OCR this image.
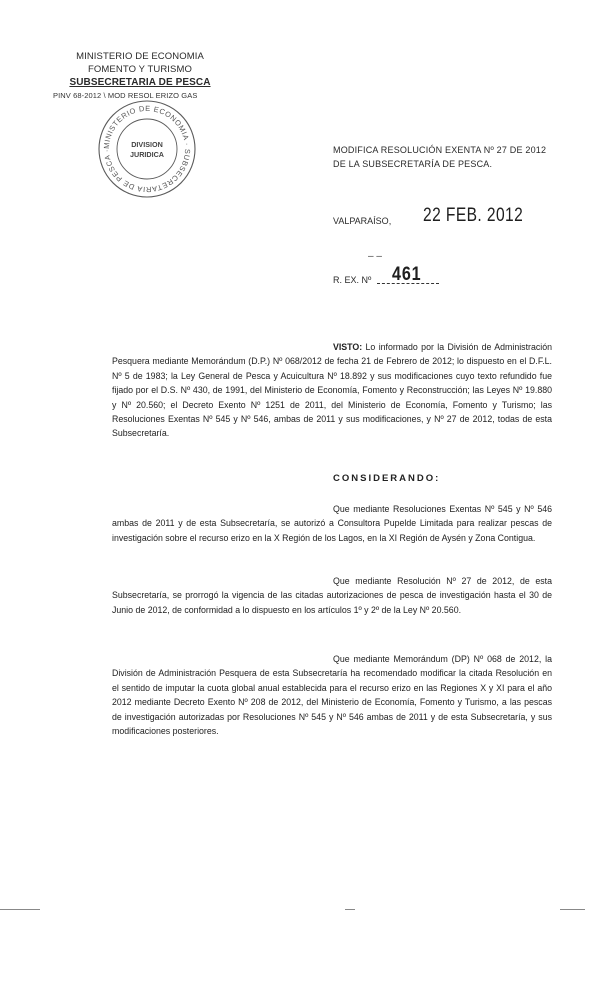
MINISTERIO DE ECONOMIA
FOMENTO Y TURISMO
SUBSECRETARIA DE PESCA
PINV 68-2012 \ MOD RESOL ERIZO GAS
MINISTERIO DE ECONOMIA · SUBSECRETARIA DE PESCA ·
DIVISION
JURIDICA	MODIFICA RESOLUCIÓN EXENTA Nº 27 DE 2012
DE LA SUBSECRETARÍA DE PESCA.
VALPARAÍSO, 22 FEB. 2012
– –
R. EX. Nº 461
VISTO: Lo informado por la División de Administración Pesquera mediante Memorándum (D.P.) Nº 068/2012 de fecha 21 de Febrero de 2012; lo dispuesto en el D.F.L. Nº 5 de 1983; la Ley General de Pesca y Acuicultura Nº 18.892 y sus modificaciones cuyo texto refundido fue fijado por el D.S. Nº 430, de 1991, del Ministerio de Economía, Fomento y Reconstrucción; las Leyes Nº 19.880 y Nº 20.560; el Decreto Exento Nº 1251 de 2011, del Ministerio de Economía, Fomento y Turismo; las Resoluciones Exentas Nº 545 y Nº 546, ambas de 2011 y sus modificaciones, y Nº 27 de 2012, todas de esta Subsecretaría.
CONSIDERANDO:
Que mediante Resoluciones Exentas Nº 545 y Nº 546 ambas de 2011 y de esta Subsecretaría, se autorizó a Consultora Pupelde Limitada para realizar pescas de investigación sobre el recurso erizo en la X Región de los Lagos, en la XI Región de Aysén y Zona Contigua.
Que mediante Resolución Nº 27 de 2012, de esta Subsecretaría, se prorrogó la vigencia de las citadas autorizaciones de pesca de investigación hasta el 30 de Junio de 2012, de conformidad a lo dispuesto en los artículos 1º y 2º de la Ley Nº 20.560.
Que mediante Memorándum (DP) Nº 068 de 2012, la División de Administración Pesquera de esta Subsecretaría ha recomendado modificar la citada Resolución en el sentido de imputar la cuota global anual establecida para el recurso erizo en las Regiones X y XI para el año 2012 mediante Decreto Exento Nº 208 de 2012, del Ministerio de Economía, Fomento y Turismo, a las pescas de investigación autorizadas por Resoluciones Nº 545 y Nº 546 ambas de 2011 y de esta Subsecretaría, y sus modificaciones posteriores.
